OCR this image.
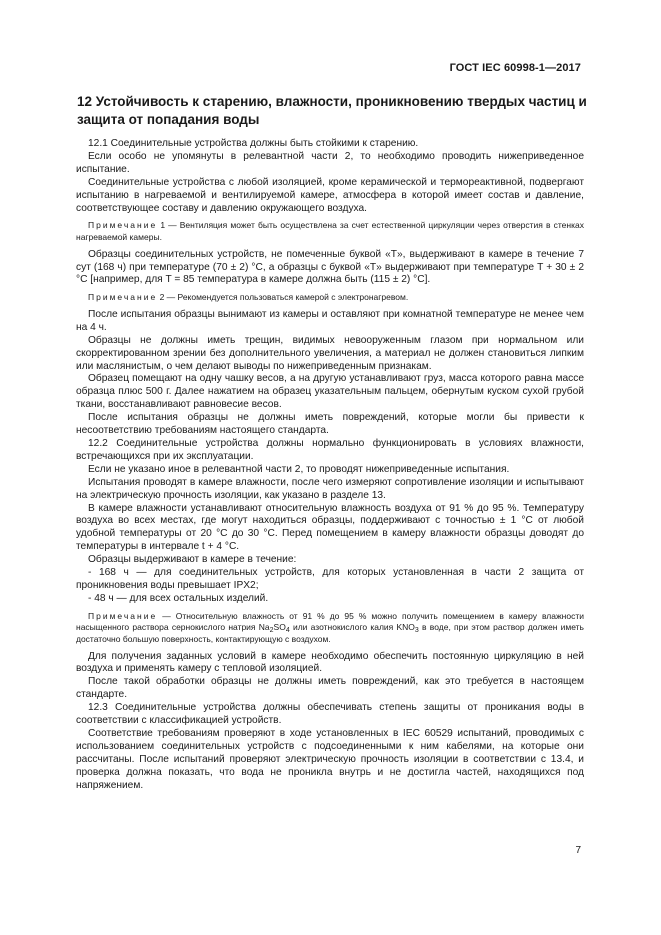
ГОСТ IEC 60998-1—2017
12 Устойчивость к старению, влажности, проникновению твердых частиц и защита от попадания воды

12.1 Соединительные устройства должны быть стойкими к старению.

Если особо не упомянуты в релевантной части 2, то необходимо проводить нижеприведенное испытание.

Соединительные устройства с любой изоляцией, кроме керамической и термореактивной, подвергают испытанию в нагреваемой и вентилируемой камере, атмосфера в которой имеет состав и давление, соответствующее составу и давлению окружающего воздуха.

Примечание 1 — Вентиляция может быть осуществлена за счет естественной циркуляции через отверстия в стенках нагреваемой камеры.

Образцы соединительных устройств, не помеченные буквой «T», выдерживают в камере в течение 7 сут (168 ч) при температуре (70 ± 2) °С, а образцы с буквой «T» выдерживают при температуре T + 30 ± 2 °С [например, для T = 85 температура в камере должна быть (115 ± 2) °С].

Примечание 2 — Рекомендуется пользоваться камерой с электронагревом.

После испытания образцы вынимают из камеры и оставляют при комнатной температуре не менее чем на 4 ч.

Образцы не должны иметь трещин, видимых невооруженным глазом при нормальном или скорректированном зрении без дополнительного увеличения, а материал не должен становиться липким или маслянистым, о чем делают выводы по нижеприведенным признакам.

Образец помещают на одну чашку весов, а на другую устанавливают груз, масса которого равна массе образца плюс 500 г. Далее нажатием на образец указательным пальцем, обернутым куском сухой грубой ткани, восстанавливают равновесие весов.

После испытания образцы не должны иметь повреждений, которые могли бы привести к несоответствию требованиям настоящего стандарта.

12.2 Соединительные устройства должны нормально функционировать в условиях влажности, встречающихся при их эксплуатации.

Если не указано иное в релевантной части 2, то проводят нижеприведенные испытания.

Испытания проводят в камере влажности, после чего измеряют сопротивление изоляции и испытывают на электрическую прочность изоляции, как указано в разделе 13.

В камере влажности устанавливают относительную влажность воздуха от 91 % до 95 %. Температуру воздуха во всех местах, где могут находиться образцы, поддерживают с точностью ± 1 °С от любой удобной температуры от 20 °С до 30 °С. Перед помещением в камеру влажности образцы доводят до температуры в интервале t + 4 °С.

Образцы выдерживают в камере в течение:

- 168 ч — для соединительных устройств, для которых установленная в части 2 защита от проникновения воды превышает IPX2;

- 48 ч — для всех остальных изделий.

Примечание — Относительную влажность от 91 % до 95 % можно получить помещением в камеру влажности насыщенного раствора сернокислого натрия $Na_2SO_4$ или азотнокислого калия $KNO_3$ в воде, при этом раствор должен иметь достаточно большую поверхность, контактирующую с воздухом.

Для получения заданных условий в камере необходимо обеспечить постоянную циркуляцию в ней воздуха и применять камеру с тепловой изоляцией.

После такой обработки образцы не должны иметь повреждений, как это требуется в настоящем стандарте.

12.3 Соединительные устройства должны обеспечивать степень защиты от проникания воды в соответствии с классификацией устройств.

Соответствие требованиям проверяют в ходе установленных в IEC 60529 испытаний, проводимых с использованием соединительных устройств с подсоединенными к ним кабелями, на которые они рассчитаны. После испытаний проверяют электрическую прочность изоляции в соответствии с 13.4, и проверка должна показать, что вода не проникла внутрь и не достигла частей, находящихся под напряжением.

7
